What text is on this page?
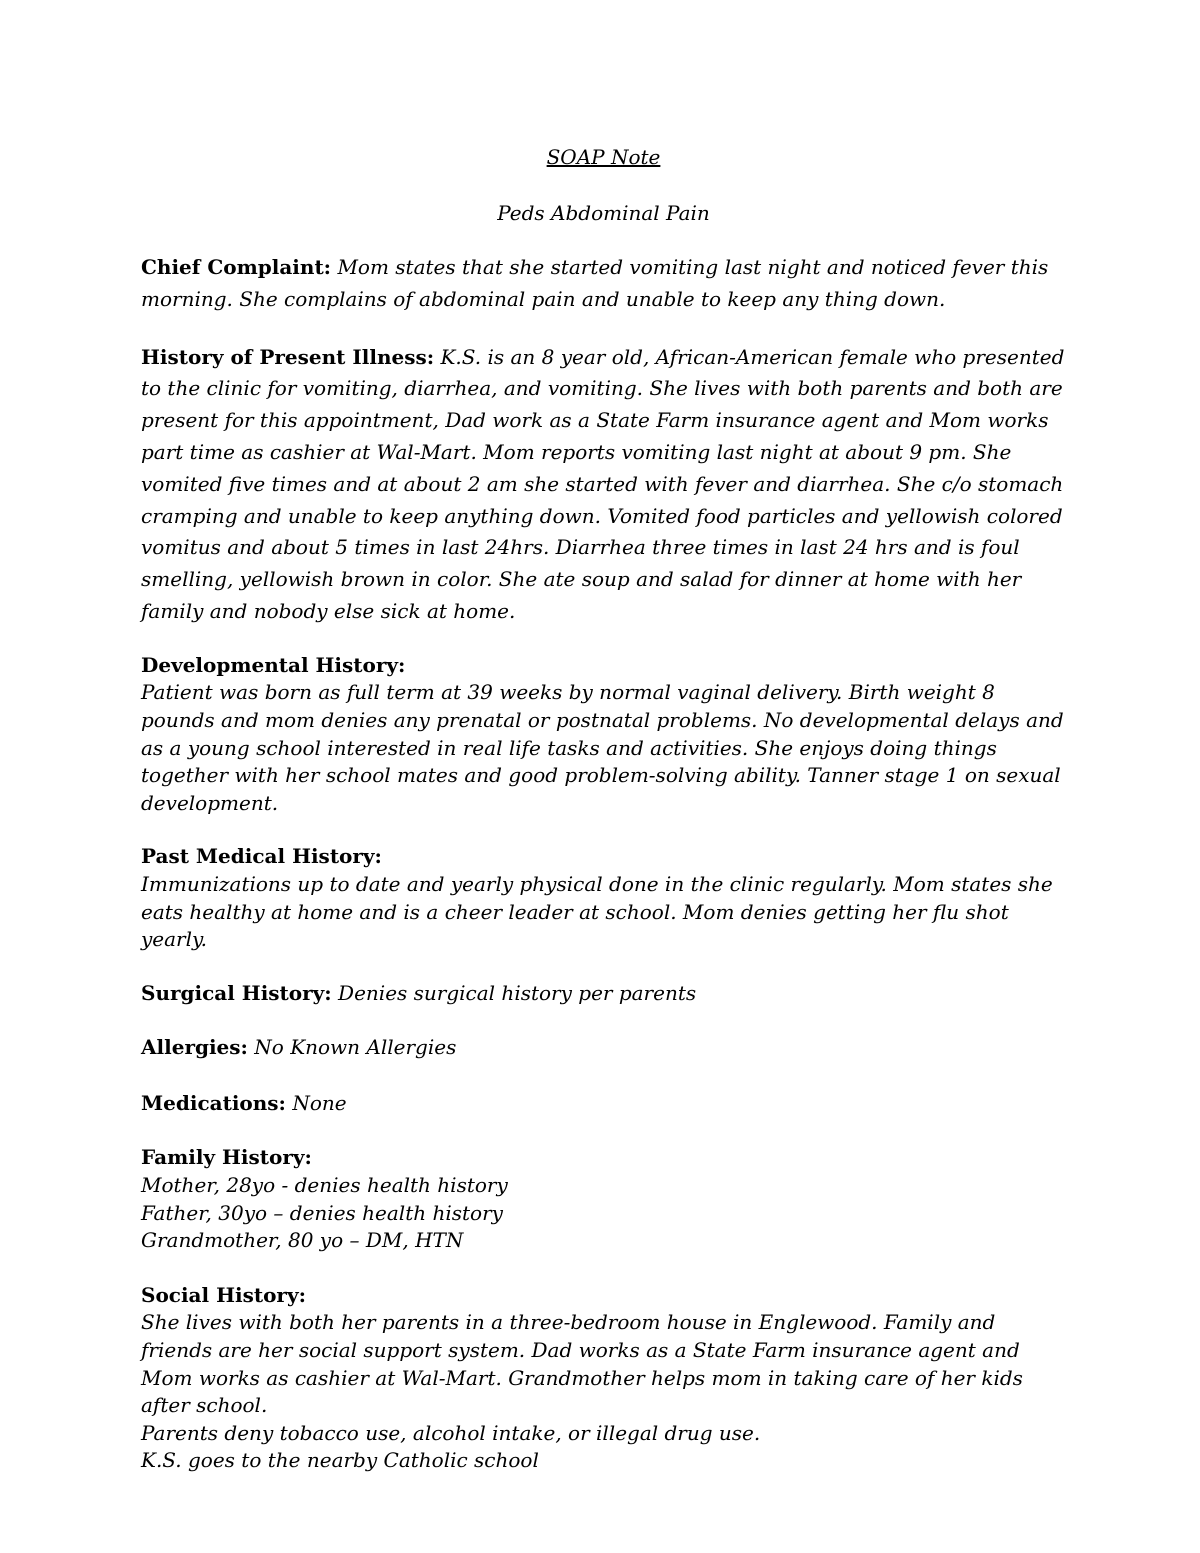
SOAP Note

Peds Abdominal Pain

Chief Complaint: Mom states that she started vomiting last night and noticed fever this morning. She complains of abdominal pain and unable to keep any thing down.

History of Present Illness: K.S. is an 8 year old, African-American female who presented to the clinic for vomiting, diarrhea, and vomiting. She lives with both parents and both are present for this appointment, Dad work as a State Farm insurance agent and Mom works part time as cashier at Wal-Mart. Mom reports vomiting last night at about 9 pm. She vomited five times and at about 2 am she started with fever and diarrhea. She c/o stomach cramping and unable to keep anything down. Vomited food particles and yellowish colored vomitus and about 5 times in last 24hrs. Diarrhea three times in last 24 hrs and is foul smelling, yellowish brown in color. She ate soup and salad for dinner at home with her family and nobody else sick at home.

Developmental History:

Patient was born as full term at 39 weeks by normal vaginal delivery. Birth weight 8 pounds and mom denies any prenatal or postnatal problems. No developmental delays and as a young school interested in real life tasks and activities. She enjoys doing things together with her school mates and good problem-solving ability. Tanner stage 1 on sexual development.

Past Medical History:

Immunizations up to date and yearly physical done in the clinic regularly. Mom states she eats healthy at home and is a cheer leader at school. Mom denies getting her flu shot yearly.

Surgical History: Denies surgical history per parents

Allergies: No Known Allergies

Medications: None

Family History:

Mother, 28yo - denies health history
Father, 30yo – denies health history
Grandmother, 80 yo – DM, HTN

Social History:

She lives with both her parents in a three-bedroom house in Englewood. Family and friends are her social support system. Dad works as a State Farm insurance agent and Mom works as cashier at Wal-Mart. Grandmother helps mom in taking care of her kids after school.

Parents deny tobacco use, alcohol intake, or illegal drug use.
K.S. goes to the nearby Catholic school
